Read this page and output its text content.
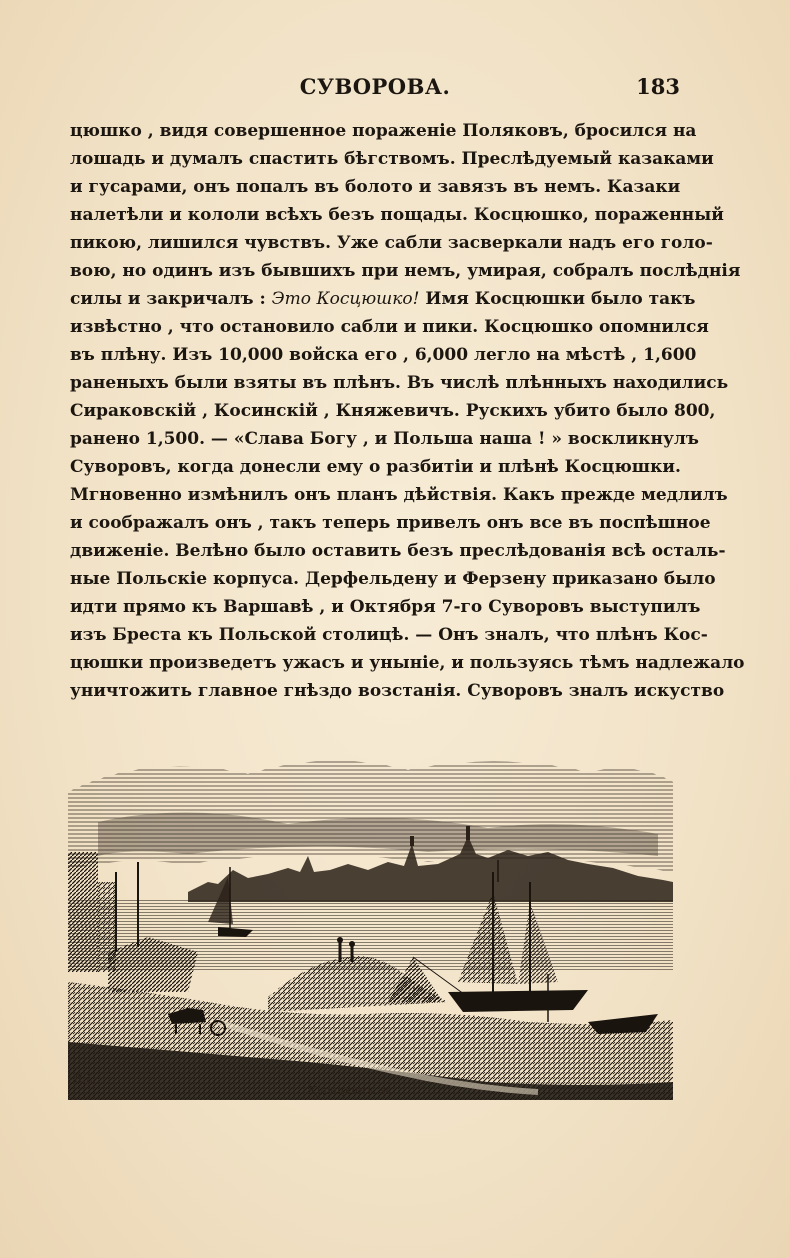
СУВОРОВА.	183
цюшко , видя совершенное пораженіе Поляковъ, бросился на
лошадь и думалъ спастить бѣгствомъ. Преслѣдуемый казаками
и гусарами, онъ попалъ въ болото и завязъ въ немъ. Казаки
налетѣли и кололи всѣхъ безъ пощады. Косцюшко, пораженный
пикою, лишился чувствъ. Уже сабли засверкали надъ его голо-
вою, но одинъ изъ бывшихъ при немъ, умирая, собралъ послѣднія
силы и закричалъ : Это Косцюшко! Имя Косцюшки было такъ
извѣстно , что остановило сабли и пики. Косцюшко опомнился
въ плѣну. Изъ 10,000 войска его , 6,000 легло на мѣстѣ , 1,600
раненыхъ были взяты въ плѣнъ. Въ числѣ плѣнныхъ находились
Сираковскій , Косинскій , Княжевичъ. Рускихъ убито было 800,
ранено 1,500. — «Слава Богу , и Польша наша ! » воскликнулъ
Суворовъ, когда донесли ему о разбитіи и плѣнѣ Косцюшки.
Мгновенно измѣнилъ онъ планъ дѣйствія. Какъ прежде медлилъ
и соображалъ онъ , такъ теперь привелъ онъ все въ поспѣшное
движеніе. Велѣно было оставить безъ преслѣдованія всѣ осталь-
ные Польскіе корпуса. Дерфельдену и Ферзену приказано было
идти прямо къ Варшавѣ , и Октября 7-го Суворовъ выступилъ
изъ Бреста къ Польской столицѣ. — Онъ зналъ, что плѣнъ Кос-
цюшки произведетъ ужасъ и уныніе, и пользуясь тѣмъ надлежало
уничтожить главное гнѣздо возстанія. Суворовъ зналъ искуство
R.J.
Курицкинъ. sc.
